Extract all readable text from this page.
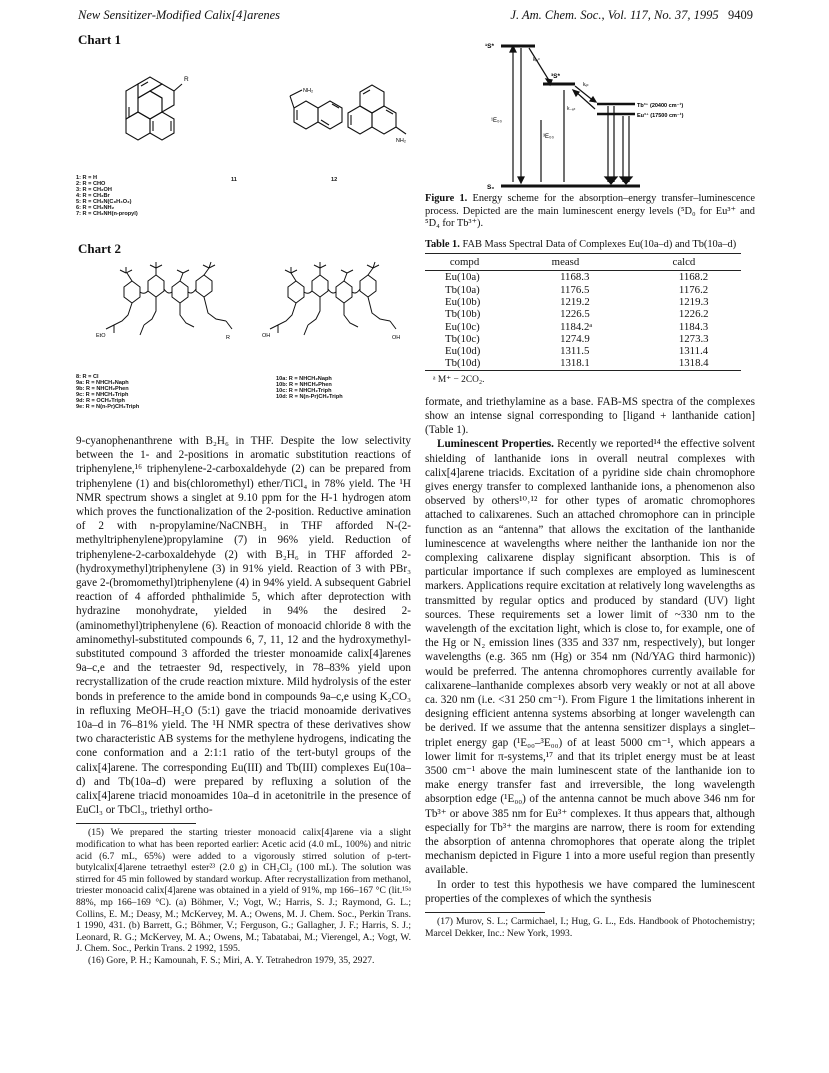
New Sensitizer-Modified Calix[4]arenes	J. Am. Chem. Soc., Vol. 117, No. 37, 1995 9409
Chart 1
R
NH₂
NH₂
1: R = H
2: R = CHO
3: R = CH₂OH
4: R = CH₂Br
5: R = CH₂N(C₈H₄O₂)
6: R = CH₂NH₂
7: R = CH₂NH(n-propyl)
11	12
Chart 2
EtO	R	OH	OH
8: R = Cl
9a: R = NHCH₂Naph
9b: R = NHCH₂Phen
9c: R = NHCH₂Triph
9d: R = OCH₂Triph
9e: R = N(n-Pr)CH₂Triph
10a: R = NHCH₂Naph
10b: R = NHCH₂Phen
10c: R = NHCH₂Triph
10d: R = N(n-Pr)CH₂Triph

9-cyanophenanthrene with B₂H₆ in THF. Despite the low selectivity between the 1- and 2-positions in aromatic substitution reactions of triphenylene,¹⁶ triphenylene-2-carboxaldehyde (2) can be prepared from triphenylene (1) and bis(chloromethyl) ether/TiCl₄ in 78% yield. The ¹H NMR spectrum shows a singlet at 9.10 ppm for the H-1 hydrogen atom which proves the functionalization of the 2-position. Reductive amination of 2 with n-propylamine/NaCNBH₃ in THF afforded N-(2-methyltriphenylene)propylamine (7) in 96% yield. Reduction of triphenylene-2-carboxaldehyde (2) with B₂H₆ in THF afforded 2-(hydroxymethyl)triphenylene (3) in 91% yield. Reaction of 3 with PBr₃ gave 2-(bromomethyl)triphenylene (4) in 94% yield. A subsequent Gabriel reaction of 4 afforded phthalimide 5, which after deprotection with hydrazine monohydrate, yielded in 94% the desired 2-(aminomethyl)triphenylene (6). Reaction of monoacid chloride 8 with the aminomethyl-substituted compounds 6, 7, 11, 12 and the hydroxymethyl-substituted compound 3 afforded the triester monoamide calix[4]arenes 9a–c,e and the tetraester 9d, respectively, in 78–83% yield upon recrystallization of the crude reaction mixture. Mild hydrolysis of the ester bonds in preference to the amide bond in compounds 9a–c,e using K₂CO₃ in refluxing MeOH–H₂O (5:1) gave the triacid monoamide derivatives 10a–d in 76–81% yield. The ¹H NMR spectra of these derivatives show two characteristic AB systems for the methylene hydrogens, indicating the cone conformation and a 2:1:1 ratio of the tert-butyl groups of the calix[4]arene. The corresponding Eu(III) and Tb(III) complexes Eu(10a–d) and Tb(10a–d) were prepared by refluxing a solution of the calix[4]arene triacid monoamides 10a–d in acetonitrile in the presence of EuCl₃ or TbCl₃, triethyl ortho-

(15) We prepared the starting triester monoacid calix[4]arene via a slight modification to what has been reported earlier: Acetic acid (4.0 mL, 100%) and nitric acid (6.7 mL, 65%) were added to a vigorously stirred solution of p-tert-butylcalix[4]arene tetraethyl ester²³ (2.0 g) in CH₂Cl₂ (100 mL). The solution was stirred for 45 min followed by standard workup. After recrystallization from methanol, triester monoacid calix[4]arene was obtained in a yield of 91%, mp 166–167 °C (lit.¹⁵ᵃ 88%, mp 166–169 °C). (a) Böhmer, V.; Vogt, W.; Harris, S. J.; Raymond, G. L.; Collins, E. M.; Deasy, M.; McKervey, M. A.; Owens, M. J. Chem. Soc., Perkin Trans. 1 1990, 431. (b) Barrett, G.; Böhmer, V.; Ferguson, G.; Gallagher, J. F.; Harris, S. J.; Leonard, R. G.; McKervey, M. A.; Owens, M.; Tabatabai, M.; Vierengel, A.; Vogt, W. J. Chem. Soc., Perkin Trans. 2 1992, 1595.

(16) Gore, P. H.; Kamounah, F. S.; Miri, A. Y. Tetrahedron 1979, 35, 2927.

¹S*
³S*
kᵢₛᶜ
kₑₜ
k₋ₑₜ
¹E₀₀
³E₀₀
S₀
Tb³⁺ (20400 cm⁻¹)
Eu³⁺ (17500 cm⁻¹)
Figure 1. Energy scheme for the absorption–energy transfer–luminescence process. Depicted are the main luminescent energy levels (⁵D₀ for Eu³⁺ and ⁵D₄ for Tb³⁺).
Table 1. FAB Mass Spectral Data of Complexes Eu(10a–d) and Tb(10a–d)
compd	measd	calcd
Eu(10a)	1168.3	1168.2
Tb(10a)	1176.5	1176.2
Eu(10b)	1219.2	1219.3
Tb(10b)	1226.5	1226.2
Eu(10c)	1184.2ᵃ	1184.3
Tb(10c)	1274.9	1273.3
Eu(10d)	1311.5	1311.4
Tb(10d)	1318.1	1318.4
ᵃ M⁺ − 2CO₂.

formate, and triethylamine as a base. FAB-MS spectra of the complexes show an intense signal corresponding to [ligand + lanthanide cation] (Table 1).

Luminescent Properties. Recently we reported¹⁴ the effective solvent shielding of lanthanide ions in overall neutral complexes with calix[4]arene triacids. Excitation of a pyridine side chain chromophore gives energy transfer to complexed lanthanide ions, a phenomenon also observed by others¹⁰˒¹² for other types of aromatic chromophores attached to calixarenes. Such an attached chromophore can in principle function as an “antenna” that allows the excitation of the lanthanide luminescence at wavelengths where neither the lanthanide ion nor the complexing calixarene display significant absorption. This is of particular importance if such complexes are employed as luminescent markers. Applications require excitation at relatively long wavelengths as transmitted by regular optics and produced by standard (UV) light sources. These requirements set a lower limit of ~330 nm to the wavelength of the excitation light, which is close to, for example, one of the Hg or N₂ emission lines (335 and 337 nm, respectively), but longer wavelengths (e.g. 365 nm (Hg) or 354 nm (Nd/YAG third harmonic)) would be preferred. The antenna chromophores currently available for calixarene–lanthanide complexes absorb very weakly or not at all above ca. 320 nm (i.e. <31 250 cm⁻¹). From Figure 1 the limitations inherent in designing efficient antenna systems absorbing at longer wavelength can be derived. If we assume that the antenna sensitizer displays a singlet–triplet energy gap (¹E₀₀–³E₀₀) of at least 5000 cm⁻¹, which appears a lower limit for π-systems,¹⁷ and that its triplet energy must be at least 3500 cm⁻¹ above the main luminescent state of the lanthanide ion to make energy transfer fast and irreversible, the long wavelength absorption edge (¹E₀₀) of the antenna cannot be much above 346 nm for Tb³⁺ or above 385 nm for Eu³⁺ complexes. It thus appears that, although especially for Tb³⁺ the margins are narrow, there is room for extending the absorption of antenna chromophores that operate along the triplet mechanism depicted in Figure 1 into a more useful region than presently available.

In order to test this hypothesis we have compared the luminescent properties of the complexes of which the synthesis

(17) Murov, S. L.; Carmichael, I.; Hug, G. L., Eds. Handbook of Photochemistry; Marcel Dekker, Inc.: New York, 1993.
